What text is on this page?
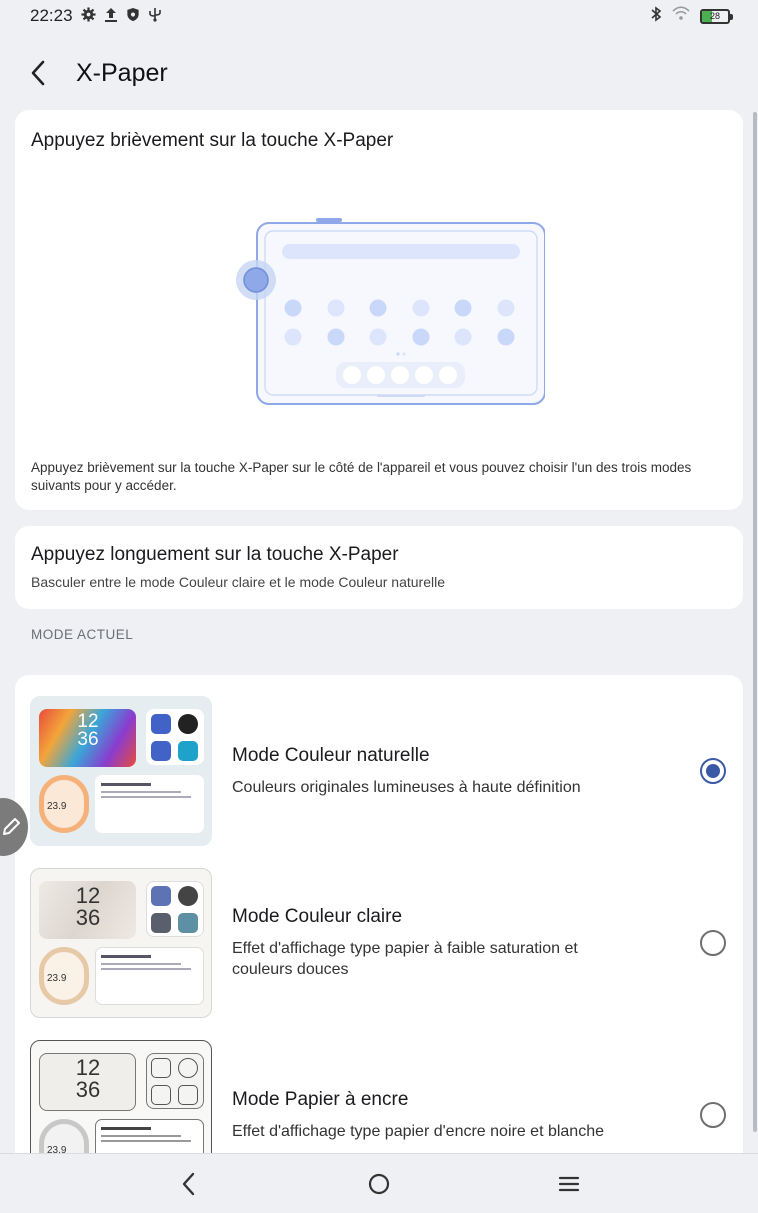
22:23	28
X-Paper
Appuyez brièvement sur la touche X-Paper
Appuyez brièvement sur la touche X-Paper sur le côté de l'appareil et vous pouvez choisir l'un des trois modes suivants pour y accéder.
Appuyez longuement sur la touche X-Paper
Basculer entre le mode Couleur claire et le mode Couleur naturelle
MODE ACTUEL
12
36
23.9
Mode Couleur naturelle
Couleurs originales lumineuses à haute définition
12
36
23.9
Mode Couleur claire
Effet d'affichage type papier à faible saturation et couleurs douces
12
36
23.9
Mode Papier à encre
Effet d'affichage type papier d'encre noire et blanche
